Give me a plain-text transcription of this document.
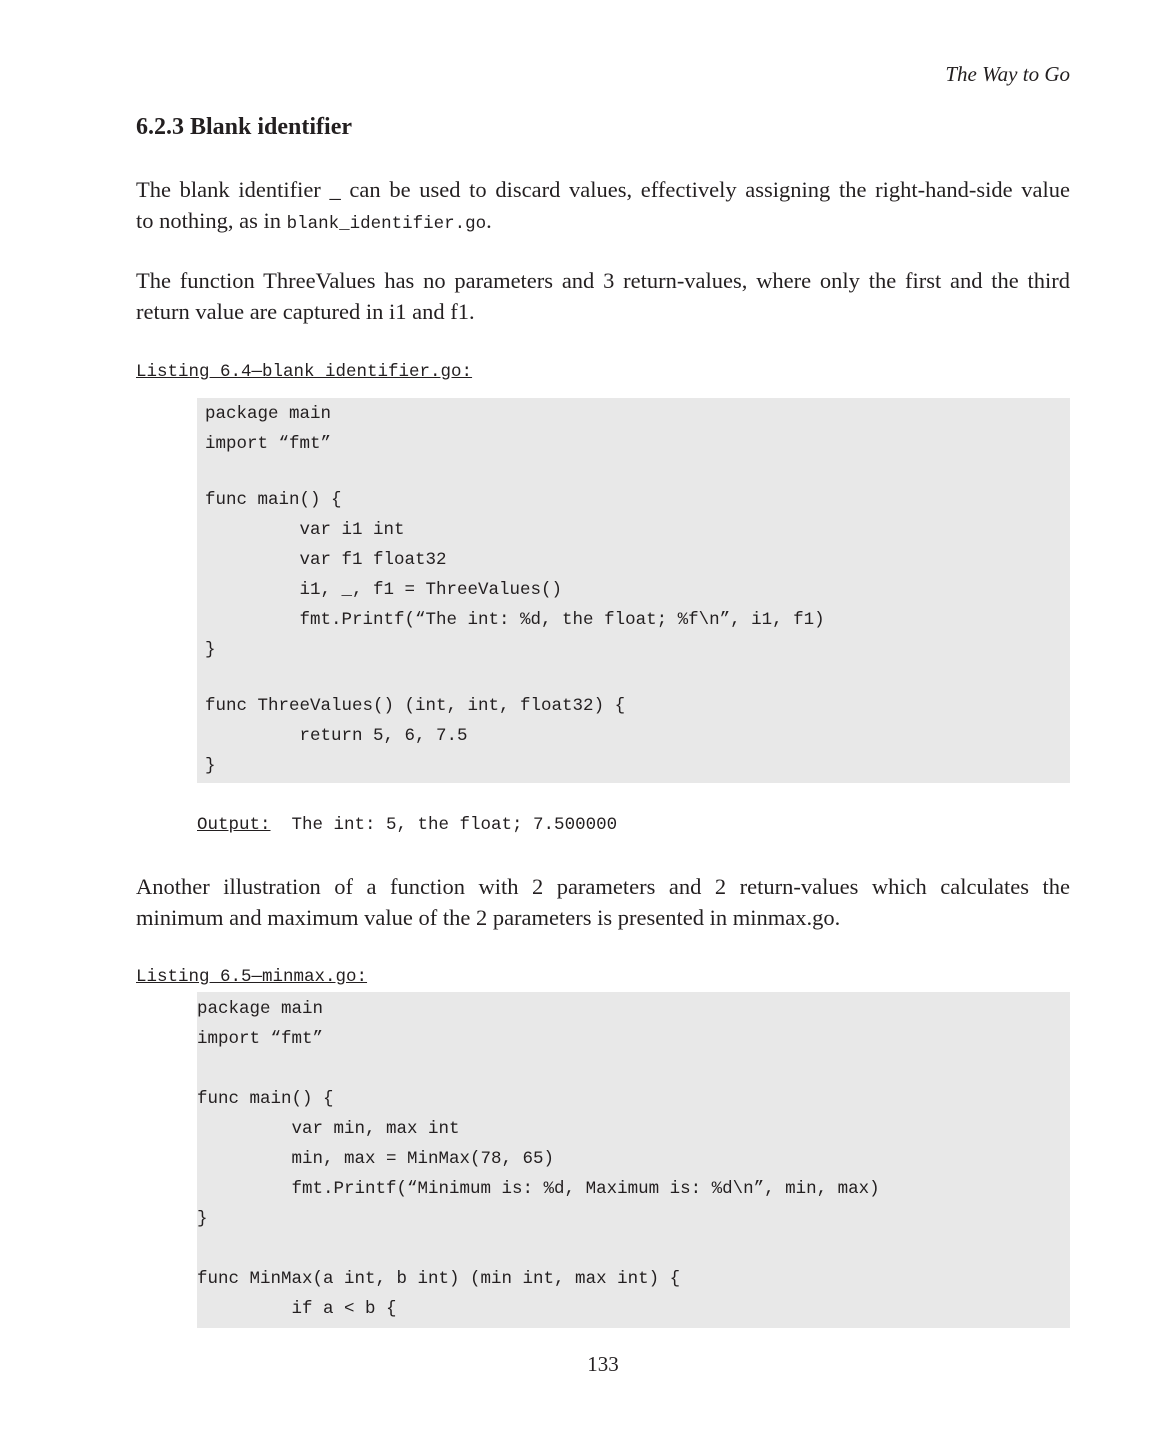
The Way to Go
6.2.3 Blank identifier
The blank identifier _ can be used to discard values, effectively assigning the right-hand-side value
to nothing, as in blank_identifier.go.
The function ThreeValues has no parameters and 3 return-values, where only the first and the third
return value are captured in i1 and f1.
Listing 6.4—blank_identifier.go:
package main
import “fmt”
func main() {
var i1 int
var f1 float32
i1, _, f1 = ThreeValues()
fmt.Printf(“The int: %d, the float; %f\n”, i1, f1)
}
func ThreeValues() (int, int, float32) {
return 5, 6, 7.5
}
Output:  The int: 5, the float; 7.500000
Another illustration of a function with 2 parameters and 2 return-values which calculates the
minimum and maximum value of the 2 parameters is presented in minmax.go.
Listing 6.5—minmax.go:
package main
import “fmt”
func main() {
var min, max int
min, max = MinMax(78, 65)
fmt.Printf(“Minimum is: %d, Maximum is: %d\n”, min, max)
}
func MinMax(a int, b int) (min int, max int) {
if a < b {
133
